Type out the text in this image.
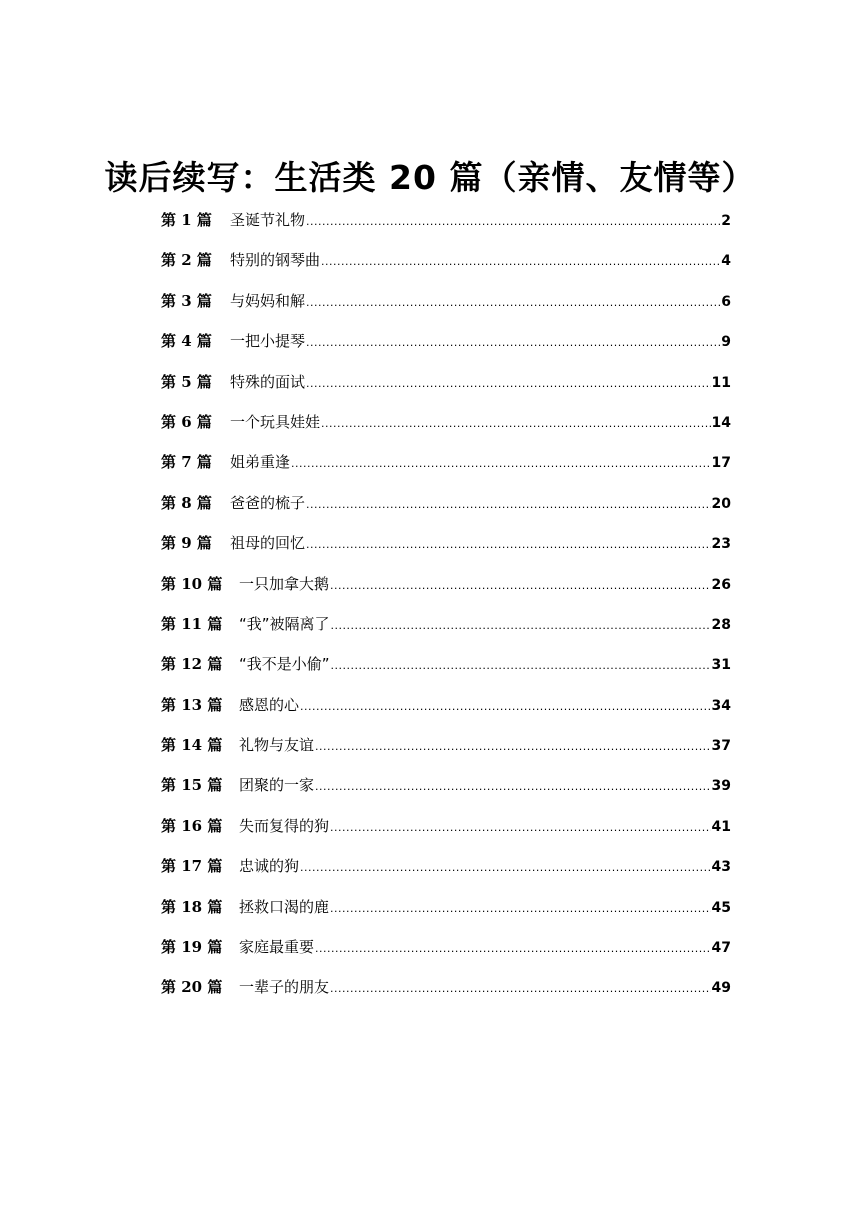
读后续写：生活类 20 篇（亲情、友情等）
第 1 篇	圣诞节礼物 .....	2
第 2 篇	特别的钢琴曲 .....	4
第 3 篇	与妈妈和解 .....	6
第 4 篇	一把小提琴 .....	9
第 5 篇	特殊的面试 .....	11
第 6 篇	一个玩具娃娃 .....	14
第 7 篇	姐弟重逢 .....	17
第 8 篇	爸爸的梳子 .....	20
第 9 篇	祖母的回忆 .....	23
第 10 篇	一只加拿大鹅 .....	26
第 11 篇	“我”被隔离了 .....	28
第 12 篇	“我不是小偷” .....	31
第 13 篇	感恩的心 .....	34
第 14 篇	礼物与友谊 .....	37
第 15 篇	团聚的一家 .....	39
第 16 篇	失而复得的狗 .....	41
第 17 篇	忠诚的狗 .....	43
第 18 篇	拯救口渴的鹿 .....	45
第 19 篇	家庭最重要 .....	47
第 20 篇	一辈子的朋友 .....	49
